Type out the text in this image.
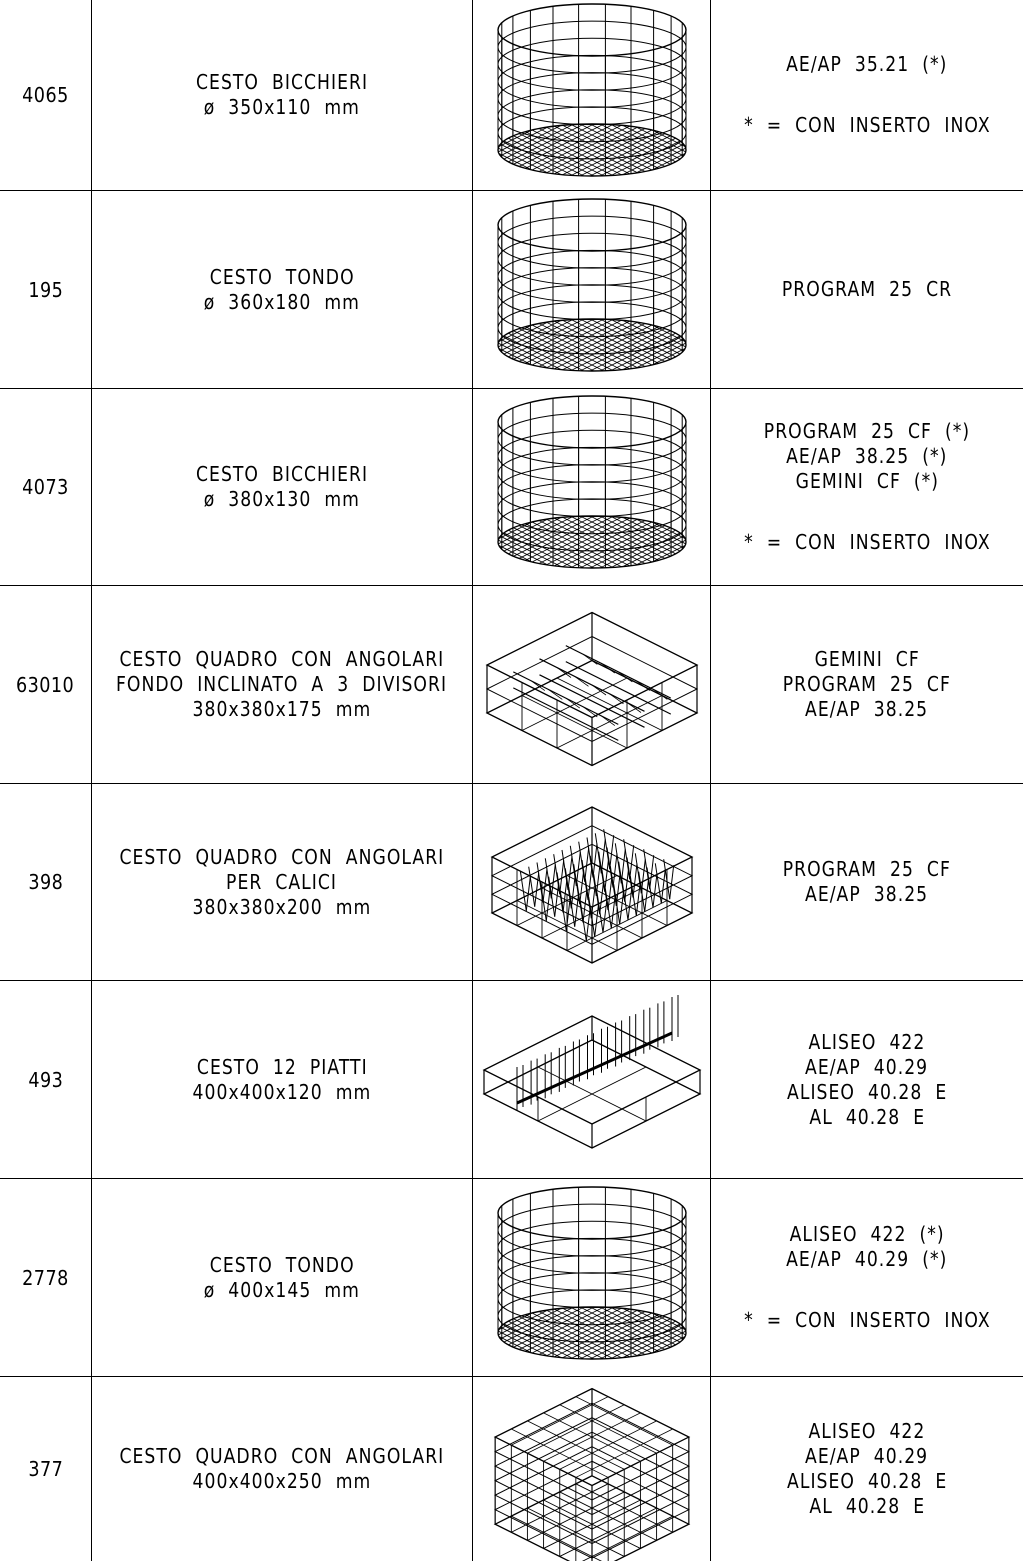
4065
CESTO  BICCHIERI
ø  350x110  mm
AE/AP  35.21  (*)
*  =  CON  INSERTO  INOX
195
CESTO  TONDO
ø  360x180  mm
PROGRAM  25  CR
4073
CESTO  BICCHIERI
ø  380x130  mm
PROGRAM  25  CF  (*)
AE/AP  38.25  (*)
GEMINI  CF  (*)
*  =  CON  INSERTO  INOX
63010
CESTO  QUADRO  CON  ANGOLARI
FONDO  INCLINATO  A  3  DIVISORI
380x380x175  mm
GEMINI  CF
PROGRAM  25  CF
AE/AP  38.25
398
CESTO  QUADRO  CON  ANGOLARI
PER  CALICI
380x380x200  mm
PROGRAM  25  CF
AE/AP  38.25
493
CESTO  12  PIATTI
400x400x120  mm
ALISEO  422
AE/AP  40.29
ALISEO  40.28  E
AL  40.28  E
2778
CESTO  TONDO
ø  400x145  mm
ALISEO  422  (*)
AE/AP  40.29  (*)
*  =  CON  INSERTO  INOX
377
CESTO  QUADRO  CON  ANGOLARI
400x400x250  mm
ALISEO  422
AE/AP  40.29
ALISEO  40.28  E
AL  40.28  E
